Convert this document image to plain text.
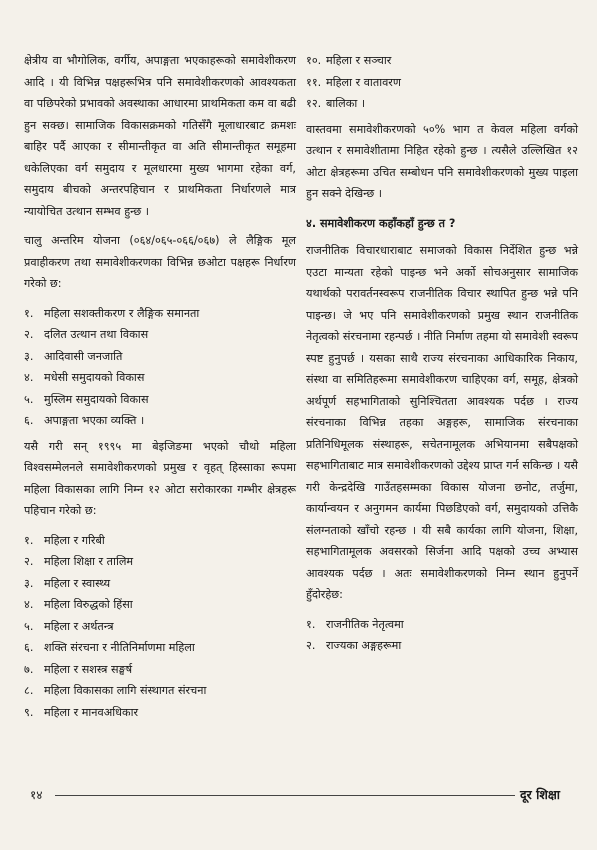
क्षेत्रीय वा भौगोलिक, वर्गीय, अपाङ्गता भएकाहरूको समावेशीकरण आदि । यी विभिन्न पक्षहरूभित्र पनि समावेशीकरणको आवश्यकता वा पछिपरेको प्रभावको अवस्थाका आधारमा प्राथमिकता कम वा बढी हुन सक्छ। सामाजिक विकासक्रमको गतिसँगै मूलाधारबाट क्रमशः बाहिर पर्दै आएका र सीमान्तीकृत वा अति सीमान्तीकृत समूहमा धकेलिएका वर्ग समुदाय र मूलधारमा मुख्य भागमा रहेका वर्ग, समुदाय बीचको अन्तरपहिचान र प्राथमिकता निर्धारणले मात्र न्यायोचित उत्थान सम्भव हुन्छ ।

चालु अन्तरिम योजना (०६४/०६५-०६६/०६७) ले लैङ्गिक मूल प्रवाहीकरण तथा समावेशीकरणका विभिन्न छओटा पक्षहरू निर्धारण गरेको छ:

१. महिला सशक्तीकरण र लैङ्गिक समानता
२. दलित उत्थान तथा विकास
३. आदिवासी जनजाति
४. मधेसी समुदायको विकास
५. मुस्लिम समुदायको विकास
६. अपाङ्गता भएका व्यक्ति ।

यसै गरी सन् १९९५ मा बेइजिङमा भएको चौथो महिला विश्वसम्मेलनले समावेशीकरणको प्रमुख र वृहत् हिस्साका रूपमा महिला विकासका लागि निम्न १२ ओटा सरोकारका गम्भीर क्षेत्रहरू पहिचान गरेको छ:

१. महिला र गरिबी
२. महिला शिक्षा र तालिम
३. महिला र स्वास्थ्य
४. महिला विरुद्धको हिंसा
५. महिला र अर्थतन्त्र
६. शक्ति संरचना र नीतिनिर्माणमा महिला
७. महिला र सशस्त्र सङ्घर्ष
८. महिला विकासका लागि संस्थागत संरचना
९. महिला र मानवअधिकार
१०. महिला र सञ्चार
११. महिला र वातावरण
१२. बालिका ।

वास्तवमा समावेशीकरणको ५०% भाग त केवल महिला वर्गको उत्थान र समावेशीतामा निहित रहेको हुन्छ । त्यसैले उल्लिखित १२ ओटा क्षेत्रहरूमा उचित सम्बोधन पनि समावेशीकरणको मुख्य पाइला हुन सक्ने देखिन्छ ।

४. समावेशीकरण कहाँकहाँ हुन्छ त ?

राजनीतिक विचारधाराबाट समाजको विकास निर्देशित हुन्छ भन्ने एउटा मान्यता रहेको पाइन्छ भने अर्को सोचअनुसार सामाजिक यथार्थको परावर्तनस्वरूप राजनीतिक विचार स्थापित हुन्छ भन्ने पनि पाइन्छ। जे भए पनि समावेशीकरणको प्रमुख स्थान राजनीतिक नेतृत्वको संरचनामा रहन्पर्छ । नीति निर्माण तहमा यो समावेशी स्वरूप स्पष्ट हुनुपर्छ । यसका साथै राज्य संरचनाका आधिकारिक निकाय, संस्था वा समितिहरूमा समावेशीकरण चाहिएका वर्ग, समूह, क्षेत्रको अर्थपूर्ण सहभागिताको सुनिश्चितता आवश्यक पर्दछ । राज्य संरचनाका विभिन्न तहका अङ्गहरू, सामाजिक संरचनाका प्रतिनिधिमूलक संस्थाहरू, सचेतनामूलक अभियानमा सबैपक्षको सहभागिताबाट मात्र समावेशीकरणको उद्देश्य प्राप्त गर्न सकिन्छ । यसै गरी केन्द्रदेखि गाउँतहसम्मका विकास योजना छनोट, तर्जुमा, कार्यान्वयन र अनुगमन कार्यमा पिछडिएको वर्ग, समुदायको उत्तिकै संलग्नताको खाँचो रहन्छ । यी सबै कार्यका लागि योजना, शिक्षा, सहभागितामूलक अवसरको सिर्जना आदि पक्षको उच्च अभ्यास आवश्यक पर्दछ । अतः समावेशीकरणको निम्न स्थान हुनुपर्ने हुँदोरहेछ:

१. राजनीतिक नेतृत्वमा
२. राज्यका अङ्गहरूमा
१४	दूर शिक्षा
